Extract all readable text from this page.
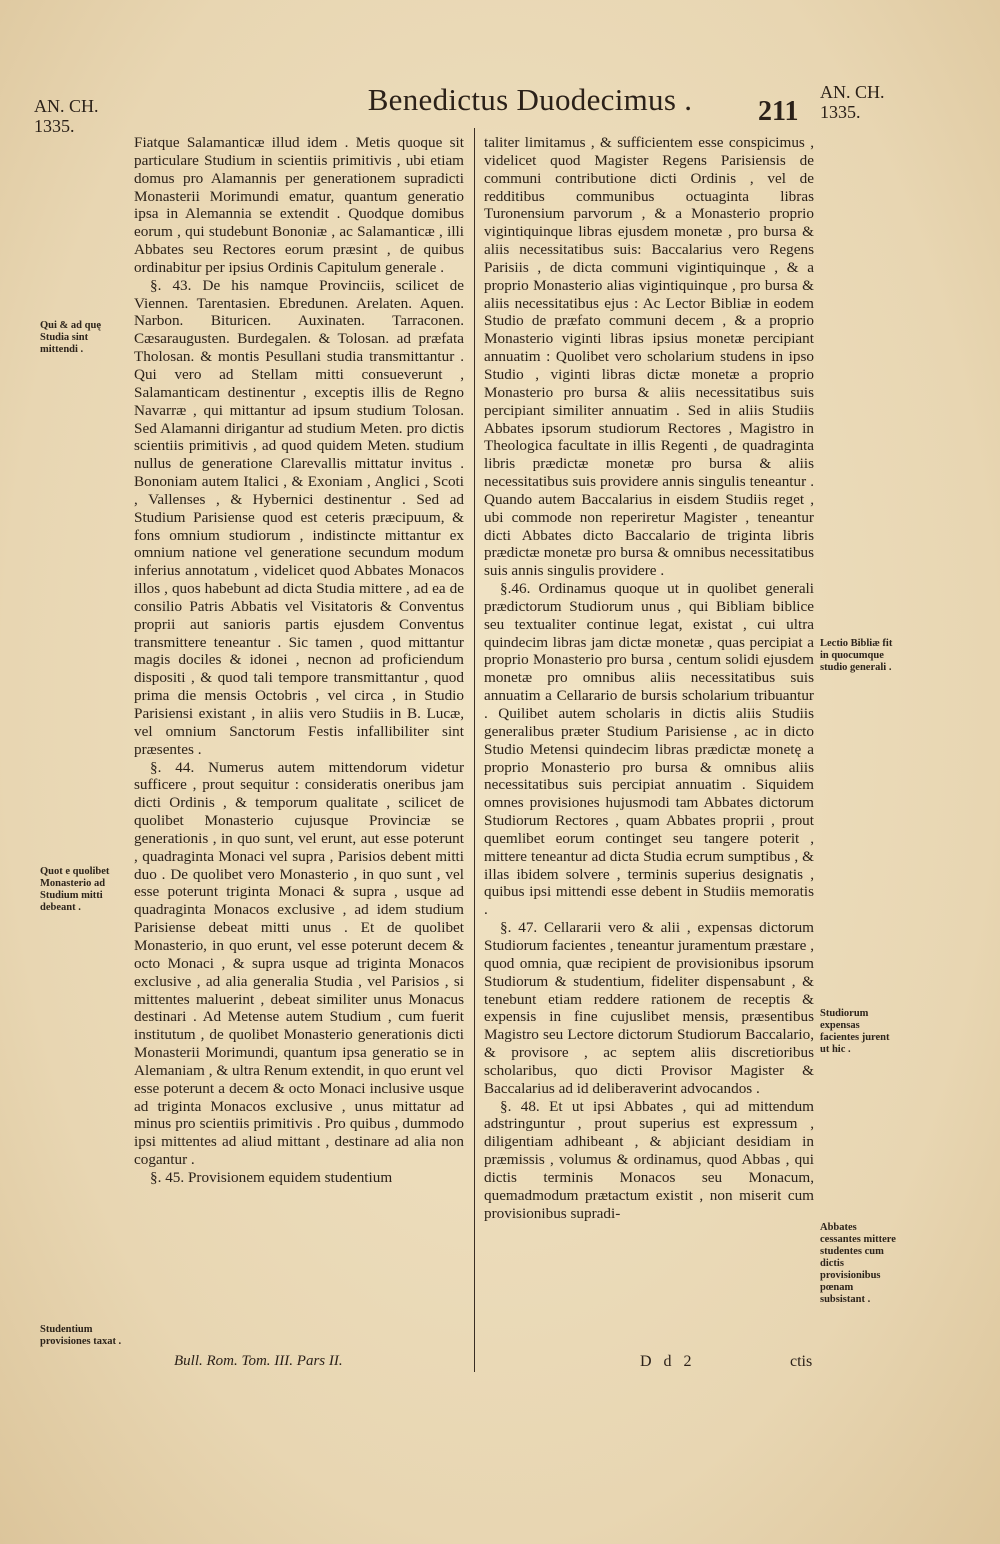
AN. CH.
1335.
Benedictus Duodecimus .	211
AN. CH.
1335.

Fiatque Salamanticæ illud idem . Metis quoque sit particulare Studium in scientiis primitivis , ubi etiam domus pro Alamannis per generationem supradicti Monasterii Morimundi ematur, quantum generatio ipsa in Alemannia se extendit . Quodque domibus eorum , qui studebunt Bononiæ , ac Salamanticæ , illi Abbates seu Rectores eorum præsint , de quibus ordinabitur per ipsius Ordinis Capitulum generale .

§. 43. De his namque Provinciis, scilicet de Viennen. Tarentasien. Ebredunen. Arelaten. Aquen. Narbon. Bituricen. Auxinaten. Tarraconen. Cæsaraugusten. Burdegalen. & Tolosan. ad præfata Tholosan. & montis Pesullani studia transmittantur . Qui vero ad Stellam mitti consueverunt , Salamanticam destinentur , exceptis illis de Regno Navarræ , qui mittantur ad ipsum studium Tolosan. Sed Alamanni dirigantur ad studium Meten. pro dictis scientiis primitivis , ad quod quidem Meten. studium nullus de generatione Clarevallis mittatur invitus . Bononiam autem Italici , & Exoniam , Anglici , Scoti , Vallenses , & Hybernici destinentur . Sed ad Studium Parisiense quod est ceteris præcipuum, & fons omnium studiorum , indistincte mittantur ex omnium natione vel generatione secundum modum inferius annotatum , videlicet quod Abbates Monacos illos , quos habebunt ad dicta Studia mittere , ad ea de consilio Patris Abbatis vel Visitatoris & Conventus proprii aut sanioris partis ejusdem Conventus transmittere teneantur . Sic tamen , quod mittantur magis dociles & idonei , necnon ad proficiendum dispositi , & quod tali tempore transmittantur , quod prima die mensis Octobris , vel circa , in Studio Parisiensi existant , in aliis vero Studiis in B. Lucæ, vel omnium Sanctorum Festis infallibiliter sint præsentes .

§. 44. Numerus autem mittendorum videtur sufficere , prout sequitur : consideratis oneribus jam dicti Ordinis , & temporum qualitate , scilicet de quolibet Monasterio cujusque Provinciæ se generationis , in quo sunt, vel erunt, aut esse poterunt , quadraginta Monaci vel supra , Parisios debent mitti duo . De quolibet vero Monasterio , in quo sunt , vel esse poterunt triginta Monaci & supra , usque ad quadraginta Monacos exclusive , ad idem studium Parisiense debeat mitti unus . Et de quolibet Monasterio, in quo erunt, vel esse poterunt decem & octo Monaci , & supra usque ad triginta Monacos exclusive , ad alia generalia Studia , vel Parisios , si mittentes maluerint , debeat similiter unus Monacus destinari . Ad Metense autem Studium , cum fuerit institutum , de quolibet Monasterio generationis dicti Monasterii Morimundi, quantum ipsa generatio se in Alemaniam , & ultra Renum extendit, in quo erunt vel esse poterunt a decem & octo Monaci inclusive usque ad triginta Monacos exclusive , unus mittatur ad minus pro scientiis primitivis . Pro quibus , dummodo ipsi mittentes ad aliud mittant , destinare ad alia non cogantur .

§. 45. Provisionem equidem studentium

taliter limitamus , & sufficientem esse conspicimus , videlicet quod Magister Regens Parisiensis de communi contributione dicti Ordinis , vel de redditibus communibus octuaginta libras Turonensium parvorum , & a Monasterio proprio vigintiquinque libras ejusdem monetæ , pro bursa & aliis necessitatibus suis: Baccalarius vero Regens Parisiis , de dicta communi vigintiquinque , & a proprio Monasterio alias vigintiquinque , pro bursa & aliis necessitatibus ejus : Ac Lector Bibliæ in eodem Studio de præfato communi decem , & a proprio Monasterio viginti libras ipsius monetæ percipiant annuatim : Quolibet vero scholarium studens in ipso Studio , viginti libras dictæ monetæ a proprio Monasterio pro bursa & aliis necessitatibus suis percipiant similiter annuatim . Sed in aliis Studiis Abbates ipsorum studiorum Rectores , Magistro in Theologica facultate in illis Regenti , de quadraginta libris prædictæ monetæ pro bursa & aliis necessitatibus suis providere annis singulis teneantur . Quando autem Baccalarius in eisdem Studiis reget , ubi commode non reperiretur Magister , teneantur dicti Abbates dicto Baccalario de triginta libris prædictæ monetæ pro bursa & omnibus necessitatibus suis annis singulis providere .

§.46. Ordinamus quoque ut in quolibet generali prædictorum Studiorum unus , qui Bibliam biblice seu textualiter continue legat, existat , cui ultra quindecim libras jam dictæ monetæ , quas percipiat a proprio Monasterio pro bursa , centum solidi ejusdem monetæ pro omnibus aliis necessitatibus suis annuatim a Cellarario de bursis scholarium tribuantur . Quilibet autem scholaris in dictis aliis Studiis generalibus præter Studium Parisiense , ac in dicto Studio Metensi quindecim libras prædictæ monetę a proprio Monasterio pro bursa & omnibus aliis necessitatibus suis percipiat annuatim . Siquidem omnes provisiones hujusmodi tam Abbates dictorum Studiorum Rectores , quam Abbates proprii , prout quemlibet eorum continget seu tangere poterit , mittere teneantur ad dicta Studia ecrum sumptibus , & illas ibidem solvere , terminis superius designatis , quibus ipsi mittendi esse debent in Studiis memoratis .

§. 47. Cellararii vero & alii , expensas dictorum Studiorum facientes , teneantur juramentum præstare , quod omnia, quæ recipient de provisionibus ipsorum Studiorum & studentium, fideliter dispensabunt , & tenebunt etiam reddere rationem de receptis & expensis in fine cujuslibet mensis, præsentibus Magistro seu Lectore dictorum Studiorum Baccalario, & provisore , ac septem aliis discretioribus scholaribus, quo dicti Provisor Magister & Baccalarius ad id deliberaverint advocandos .

§. 48. Et ut ipsi Abbates , qui ad mittendum adstringuntur , prout superius est expressum , diligentiam adhibeant , & abjiciant desidiam in præmissis , volumus & ordinamus, quod Abbas , qui dictis terminis Monacos seu Monacum, quemadmodum prætactum existit , non miserit cum provisionibus supradi-

Qui & ad quę Studia sint mittendi .
Quot e quolibet Monasterio ad Studium mitti debeant .
Studentium provisiones taxat .
Lectio Bibliæ fit in quocumque studio generali .
Studiorum expensas facientes jurent ut hic .
Abbates cessantes mittere studentes cum dictis provisionibus pœnam subsistant .
Bull. Rom. Tom. III. Pars II.	D d 2	ctis
